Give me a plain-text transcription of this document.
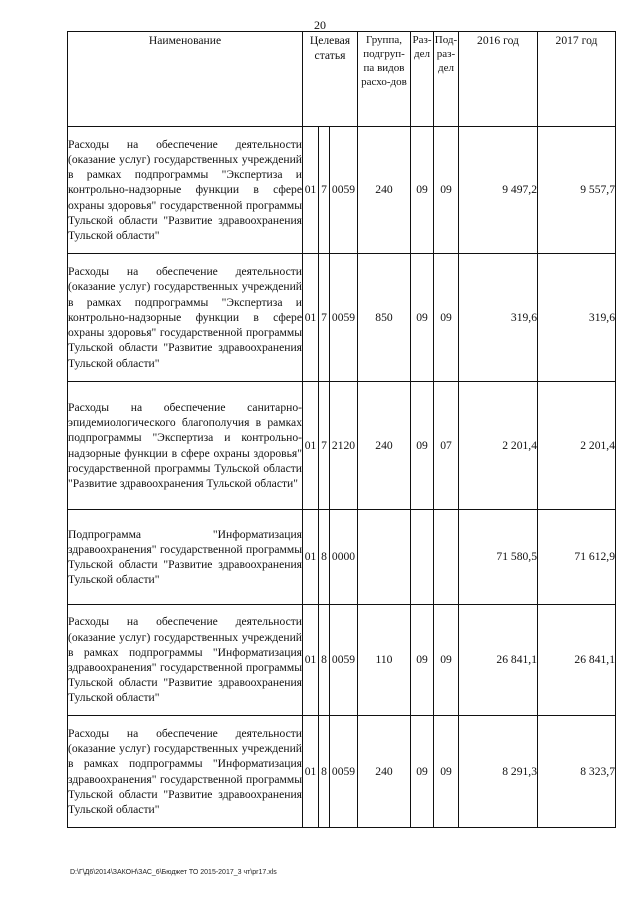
20
Наименование	Целевая статья			Группа, подгруп-па видов расхо-дов	Раз-дел	Под-раз-дел	2016 год	2017 год
Расходы на обеспечение деятельности (оказание услуг) государственных учреждений в рамках подпрограммы "Экспертиза и контрольно-надзорные функции в сфере охраны здоровья" государственной программы Тульской области "Развитие здравоохранения Тульской области"	01	7	0059	240	09	09	9 497,2	9 557,7
Расходы на обеспечение деятельности (оказание услуг) государственных учреждений в рамках подпрограммы "Экспертиза и контрольно-надзорные функции в сфере охраны здоровья" государственной программы Тульской области "Развитие здравоохранения Тульской области"	01	7	0059	850	09	09	319,6	319,6
Расходы на обеспечение санитарно-эпидемиологического благополучия в рамках подпрограммы "Экспертиза и контрольно-надзорные функции в сфере охраны здоровья" государственной программы Тульской области "Развитие здравоохранения Тульской области"	01	7	2120	240	09	07	2 201,4	2 201,4
Подпрограмма "Информатизация здравоохранения" государственной программы Тульской области "Развитие здравоохранения Тульской области"	01	8	0000				71 580,5	71 612,9
Расходы на обеспечение деятельности (оказание услуг) государственных учреждений в рамках подпрограммы "Информатизация здравоохранения" государственной программы Тульской области "Развитие здравоохранения Тульской области"	01	8	0059	110	09	09	26 841,1	26 841,1
Расходы на обеспечение деятельности (оказание услуг) государственных учреждений в рамках подпрограммы "Информатизация здравоохранения" государственной программы Тульской области "Развитие здравоохранения Тульской области"	01	8	0059	240	09	09	8 291,3	8 323,7
D:\Г\Д6\2014\ЗАКОН\ЗАС_6\Бюджет ТО 2015-2017_3 чт\pr17.xls
